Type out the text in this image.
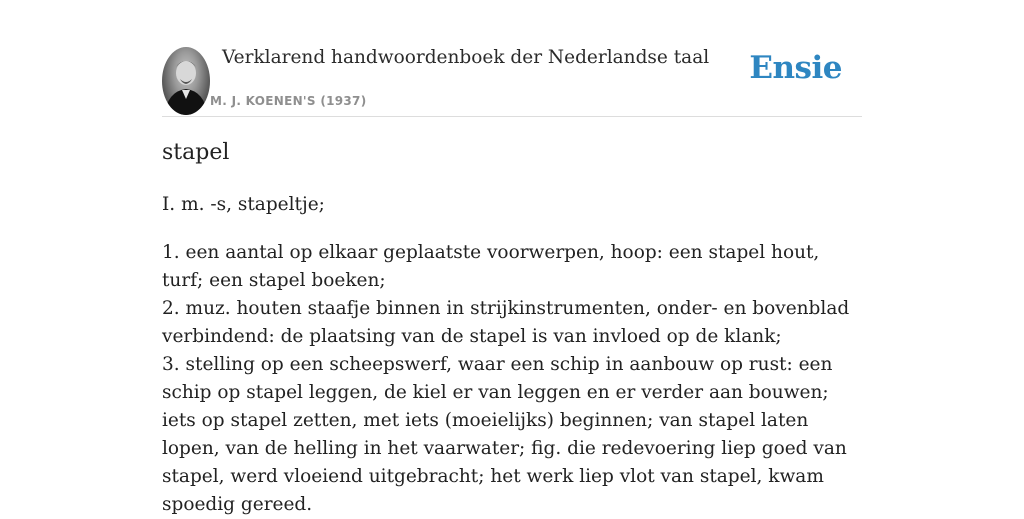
Verklarend handwoordenboek der Nederlandse taal
M. J. KOENEN'S (1937)
Ensie
stapel
I. m. -s, stapeltje;
1. een aantal op elkaar geplaatste voorwerpen, hoop: een stapel hout, turf; een stapel boeken;
2. muz. houten staafje binnen in strijkinstrumenten, onder- en bovenblad verbindend: de plaatsing van de stapel is van invloed op de klank;
3. stelling op een scheepswerf, waar een schip in aanbouw op rust: een schip op stapel leggen, de kiel er van leggen en er verder aan bouwen; iets op stapel zetten, met iets (moeielijks) beginnen; van stapel laten lopen, van de helling in het vaarwater; fig. die redevoering liep goed van stapel, werd vloeiend uitgebracht; het werk liep vlot van stapel, kwam spoedig gereed.
